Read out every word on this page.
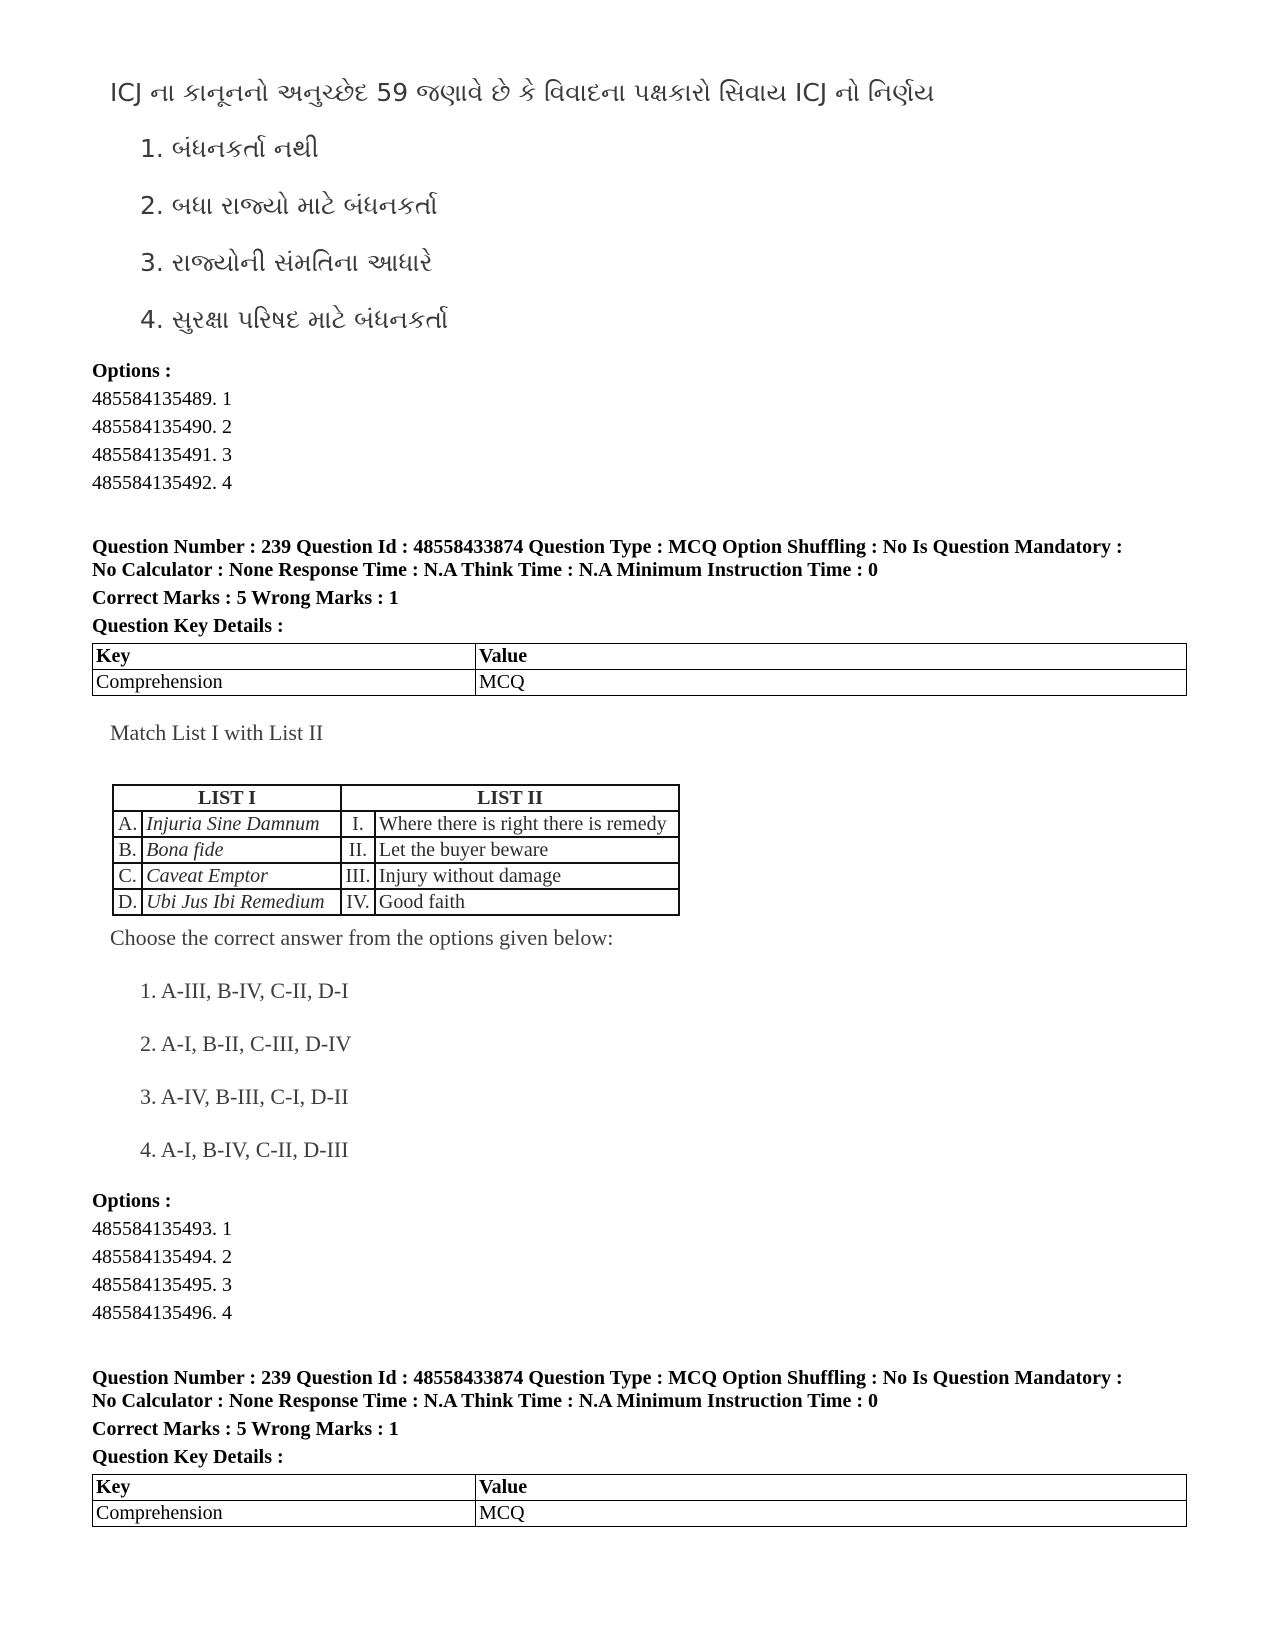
ICJ ના કાનૂનનો અનુચ્છેદ 59 જણાવે છે કે વિવાદના પક્ષકારો સિવાય ICJ નો નિર્ણય
1. બંધનકર્તા નથી
2. બધા રાજ્યો માટે બંધનકર્તા
3. રાજ્યોની સંમતિના આધારે
4. સુરક્ષા પરિષદ માટે બંધનકર્તા
Options :
485584135489. 1
485584135490. 2
485584135491. 3
485584135492. 4
Question Number : 239 Question Id : 48558433874 Question Type : MCQ Option Shuffling : No Is Question Mandatory :
No Calculator : None Response Time : N.A Think Time : N.A Minimum Instruction Time : 0
Correct Marks : 5 Wrong Marks : 1
Question Key Details :
Key	Value
Comprehension	MCQ
Match List I with List II
LIST I		LIST II	
A.	Injuria Sine Damnum	I.	Where there is right there is remedy
B.	Bona fide	II.	Let the buyer beware
C.	Caveat Emptor	III.	Injury without damage
D.	Ubi Jus Ibi Remedium	IV.	Good faith
Choose the correct answer from the options given below:
1. A-III, B-IV, C-II, D-I
2. A-I, B-II, C-III, D-IV
3. A-IV, B-III, C-I, D-II
4. A-I, B-IV, C-II, D-III
Options :
485584135493. 1
485584135494. 2
485584135495. 3
485584135496. 4
Question Number : 239 Question Id : 48558433874 Question Type : MCQ Option Shuffling : No Is Question Mandatory :
No Calculator : None Response Time : N.A Think Time : N.A Minimum Instruction Time : 0
Correct Marks : 5 Wrong Marks : 1
Question Key Details :
Key	Value
Comprehension	MCQ
